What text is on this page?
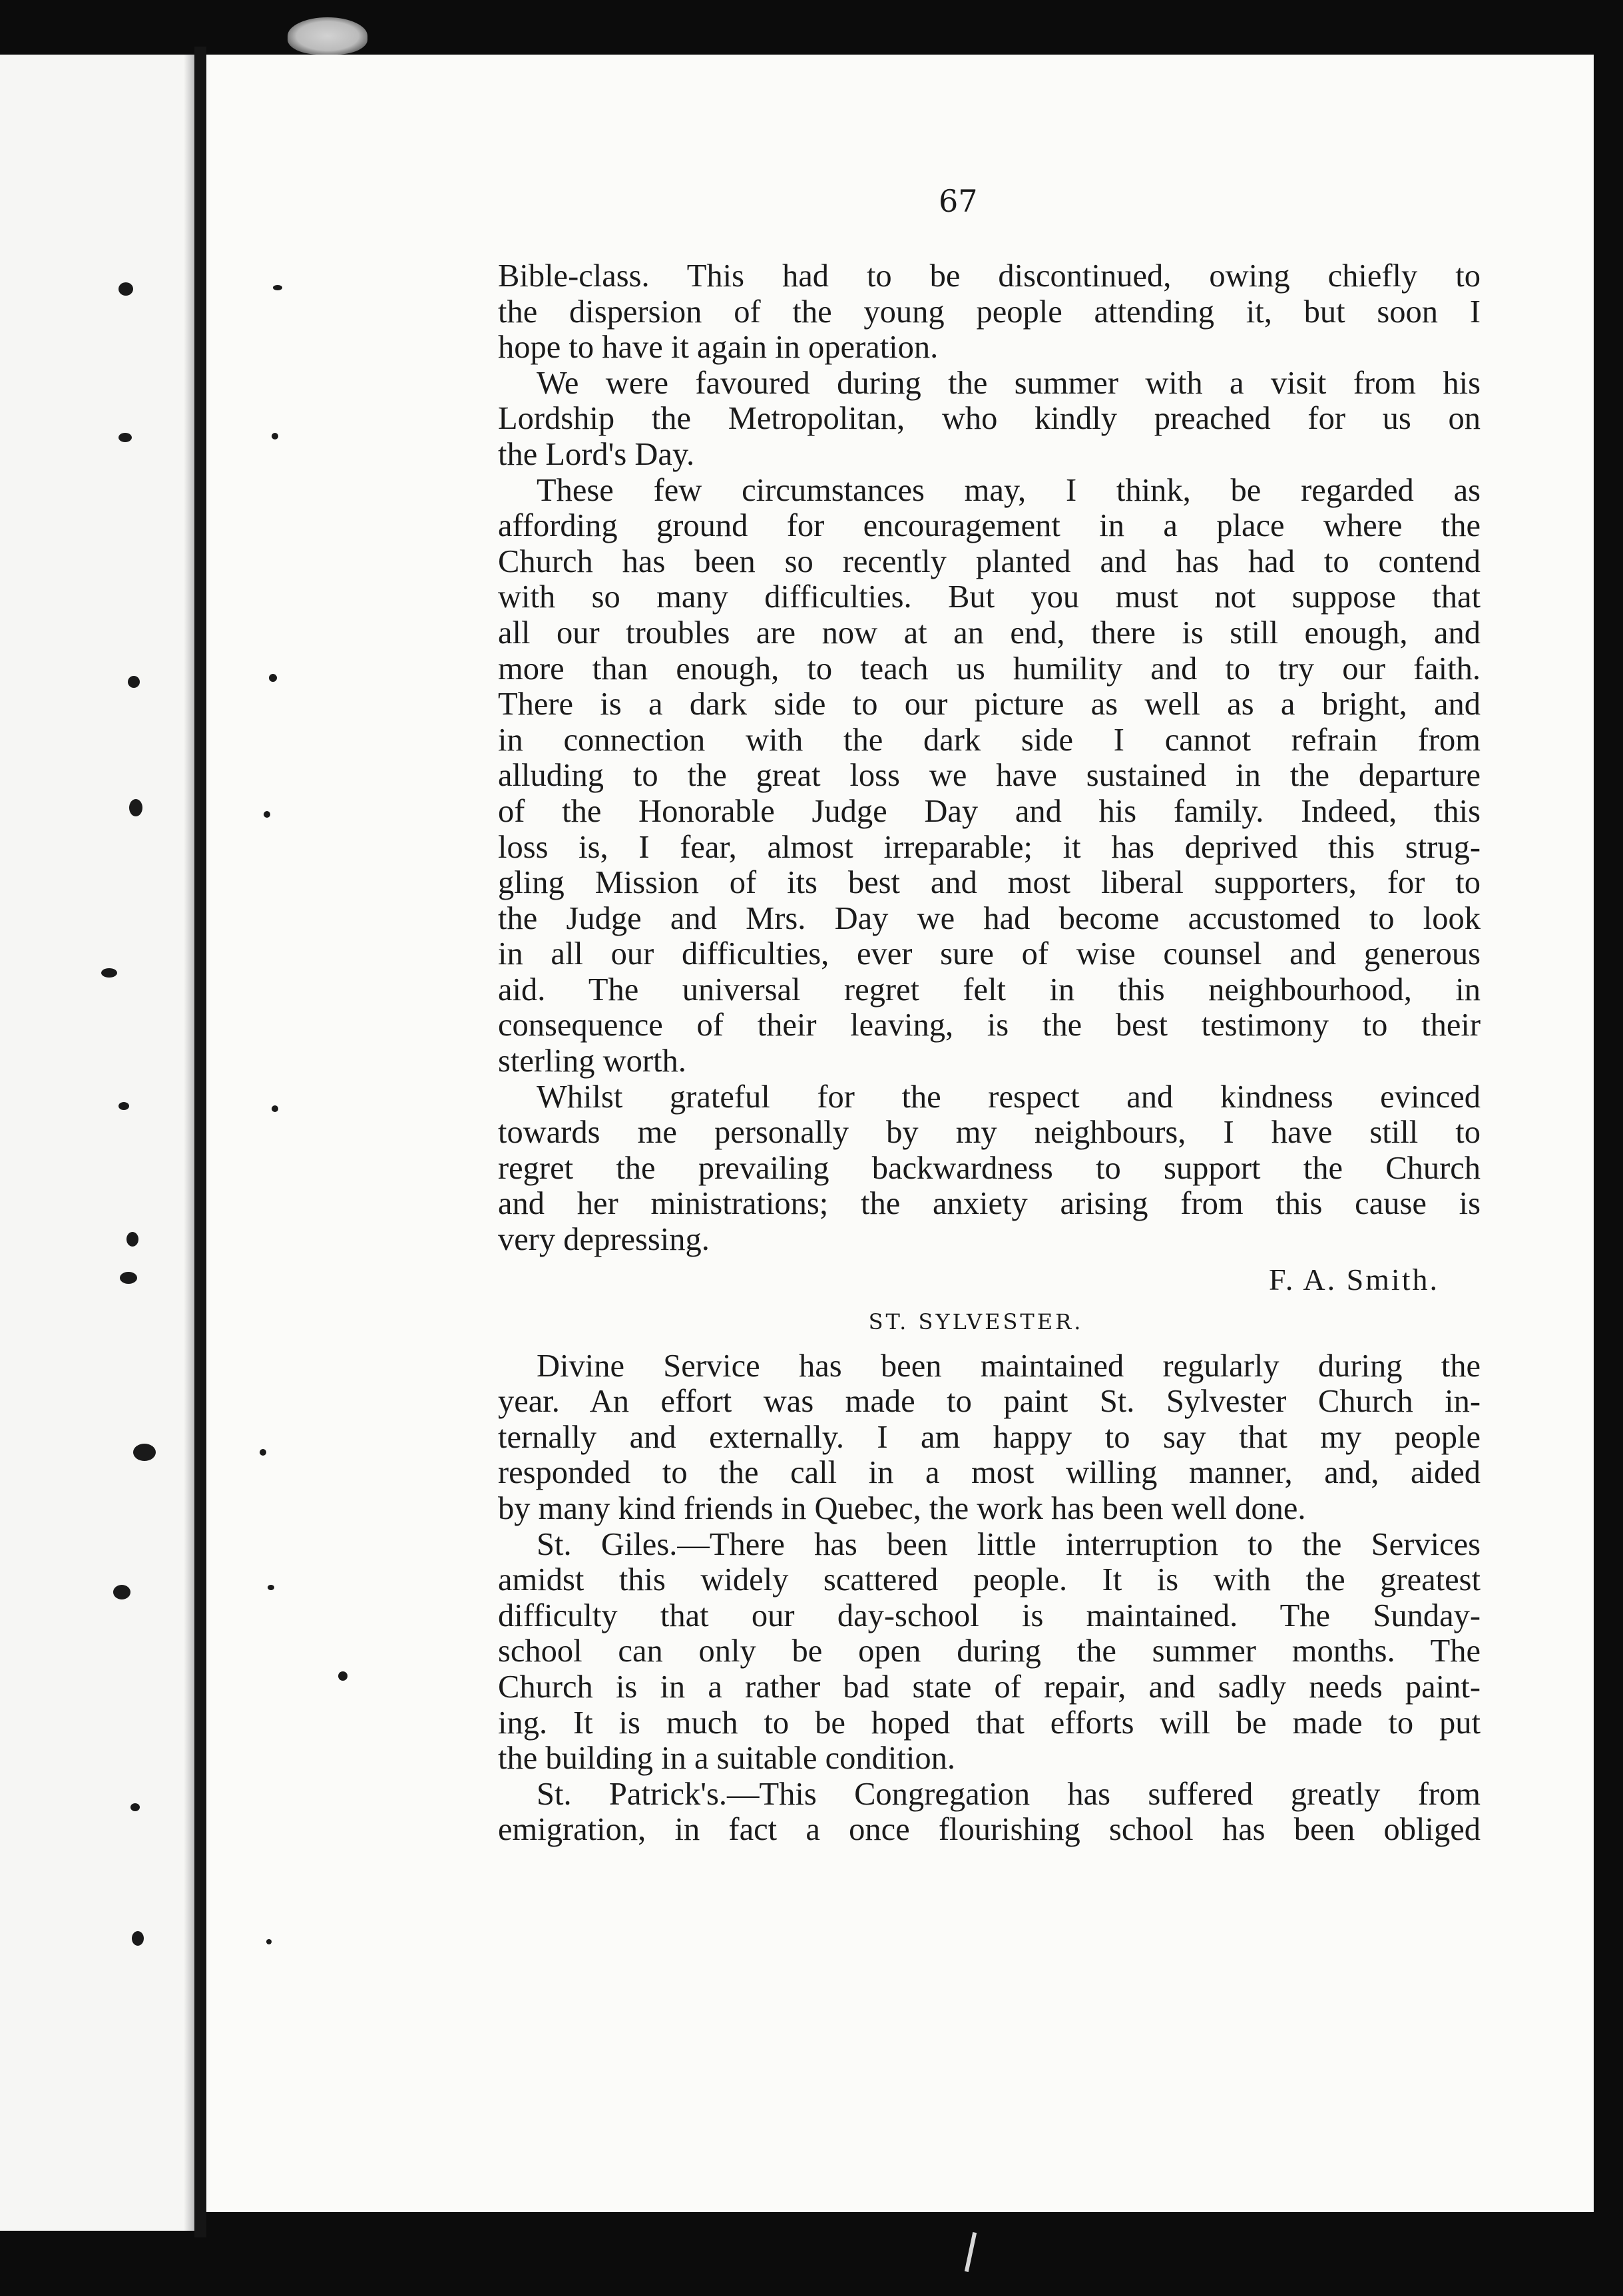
67

Bible-class. This had to be discontinued, owing chiefly to
the dispersion of the young people attending it, but soon I
hope to have it again in operation.

We were favoured during the summer with a visit from his
Lordship the Metropolitan, who kindly preached for us on
the Lord's Day.

These few circumstances may, I think, be regarded as
affording ground for encouragement in a place where the
Church has been so recently planted and has had to contend
with so many difficulties. But you must not suppose that
all our troubles are now at an end, there is still enough, and
more than enough, to teach us humility and to try our faith.
There is a dark side to our picture as well as a bright, and
in connection with the dark side I cannot refrain from
alluding to the great loss we have sustained in the departure
of the Honorable Judge Day and his family. Indeed, this
loss is, I fear, almost irreparable; it has deprived this strug-
gling Mission of its best and most liberal supporters, for to
the Judge and Mrs. Day we had become accustomed to look
in all our difficulties, ever sure of wise counsel and generous
aid. The universal regret felt in this neighbourhood, in
consequence of their leaving, is the best testimony to their
sterling worth.

Whilst grateful for the respect and kindness evinced
towards me personally by my neighbours, I have still to
regret the prevailing backwardness to support the Church
and her ministrations; the anxiety arising from this cause is
very depressing.

F. A. Smith.

ST. SYLVESTER.

Divine Service has been maintained regularly during the
year. An effort was made to paint St. Sylvester Church in-
ternally and externally. I am happy to say that my people
responded to the call in a most willing manner, and, aided
by many kind friends in Quebec, the work has been well done.

St. Giles.—There has been little interruption to the Services
amidst this widely scattered people. It is with the greatest
difficulty that our day-school is maintained. The Sunday-
school can only be open during the summer months. The
Church is in a rather bad state of repair, and sadly needs paint-
ing. It is much to be hoped that efforts will be made to put
the building in a suitable condition.

St. Patrick's.—This Congregation has suffered greatly from
emigration, in fact a once flourishing school has been obliged
